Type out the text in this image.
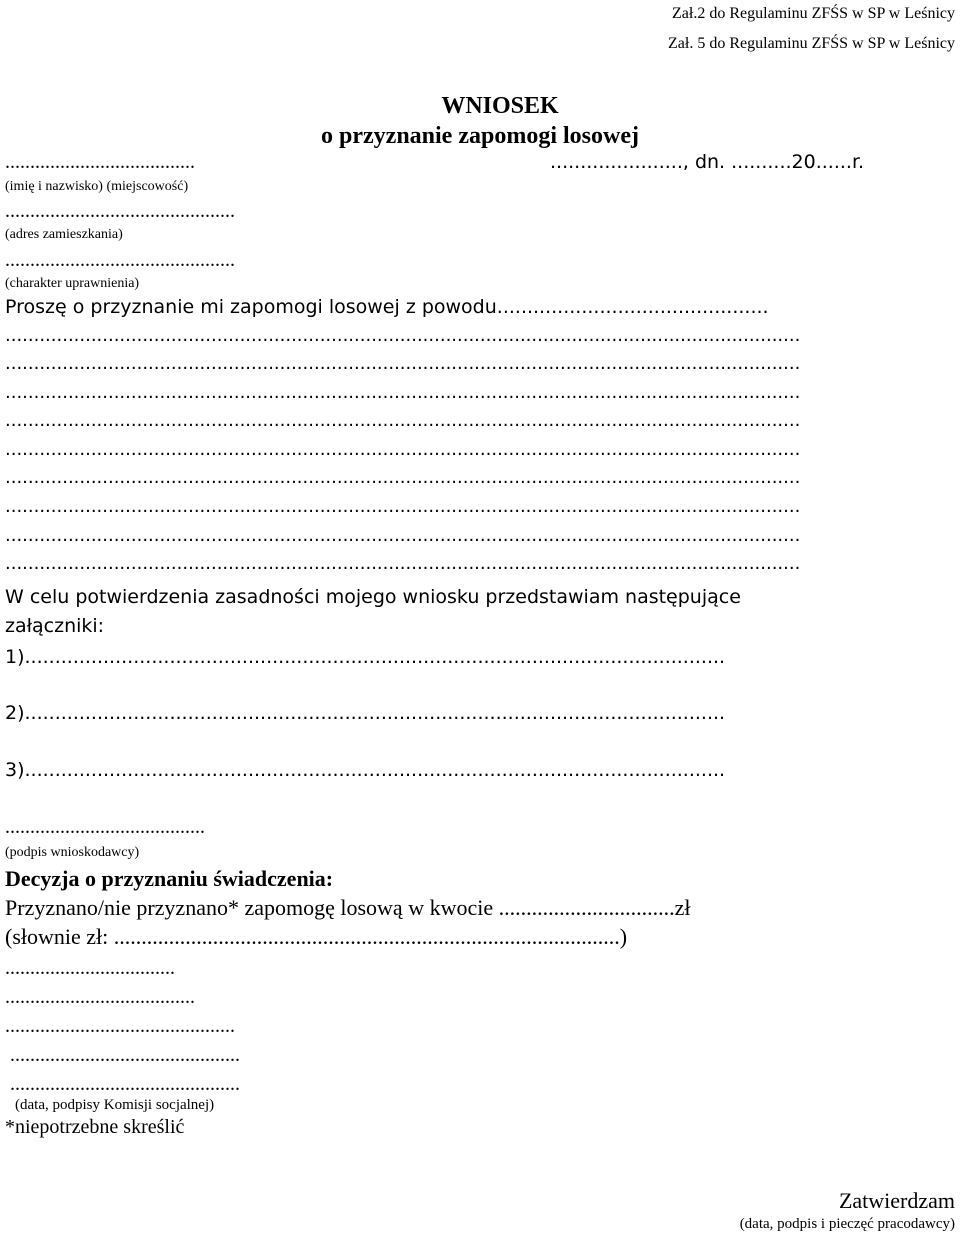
Zał.2 do Regulaminu ZFŚS w SP w Leśnicy
Zał. 5 do Regulaminu ZFŚS w SP w Leśnicy
WNIOSEK
o przyznanie zapomogi losowej
......................................	......................, dn. ..........20......r.
(imię i nazwisko) (miejscowość)
..............................................
(adres zamieszkania)
..............................................
(charakter uprawnienia)
Proszę o przyznanie mi zapomogi losowej z powodu.............................................
...........................................................................................................................................
...........................................................................................................................................
...........................................................................................................................................
...........................................................................................................................................
...........................................................................................................................................
...........................................................................................................................................
...........................................................................................................................................
...........................................................................................................................................
...........................................................................................................................................
W celu potwierdzenia zasadności mojego wniosku przedstawiam następujące
załączniki:
1)....................................................................................................................
2)....................................................................................................................
3)....................................................................................................................
........................................
(podpis wnioskodawcy)
Decyzja o przyznaniu świadczenia:
Przyznano/nie przyznano* zapomogę losową w kwocie ................................zł
(słownie zł: ............................................................................................)
..................................
......................................
..............................................
..............................................
..............................................
(data, podpisy Komisji socjalnej)
*niepotrzebne skreślić
Zatwierdzam
(data, podpis i pieczęć pracodawcy)
